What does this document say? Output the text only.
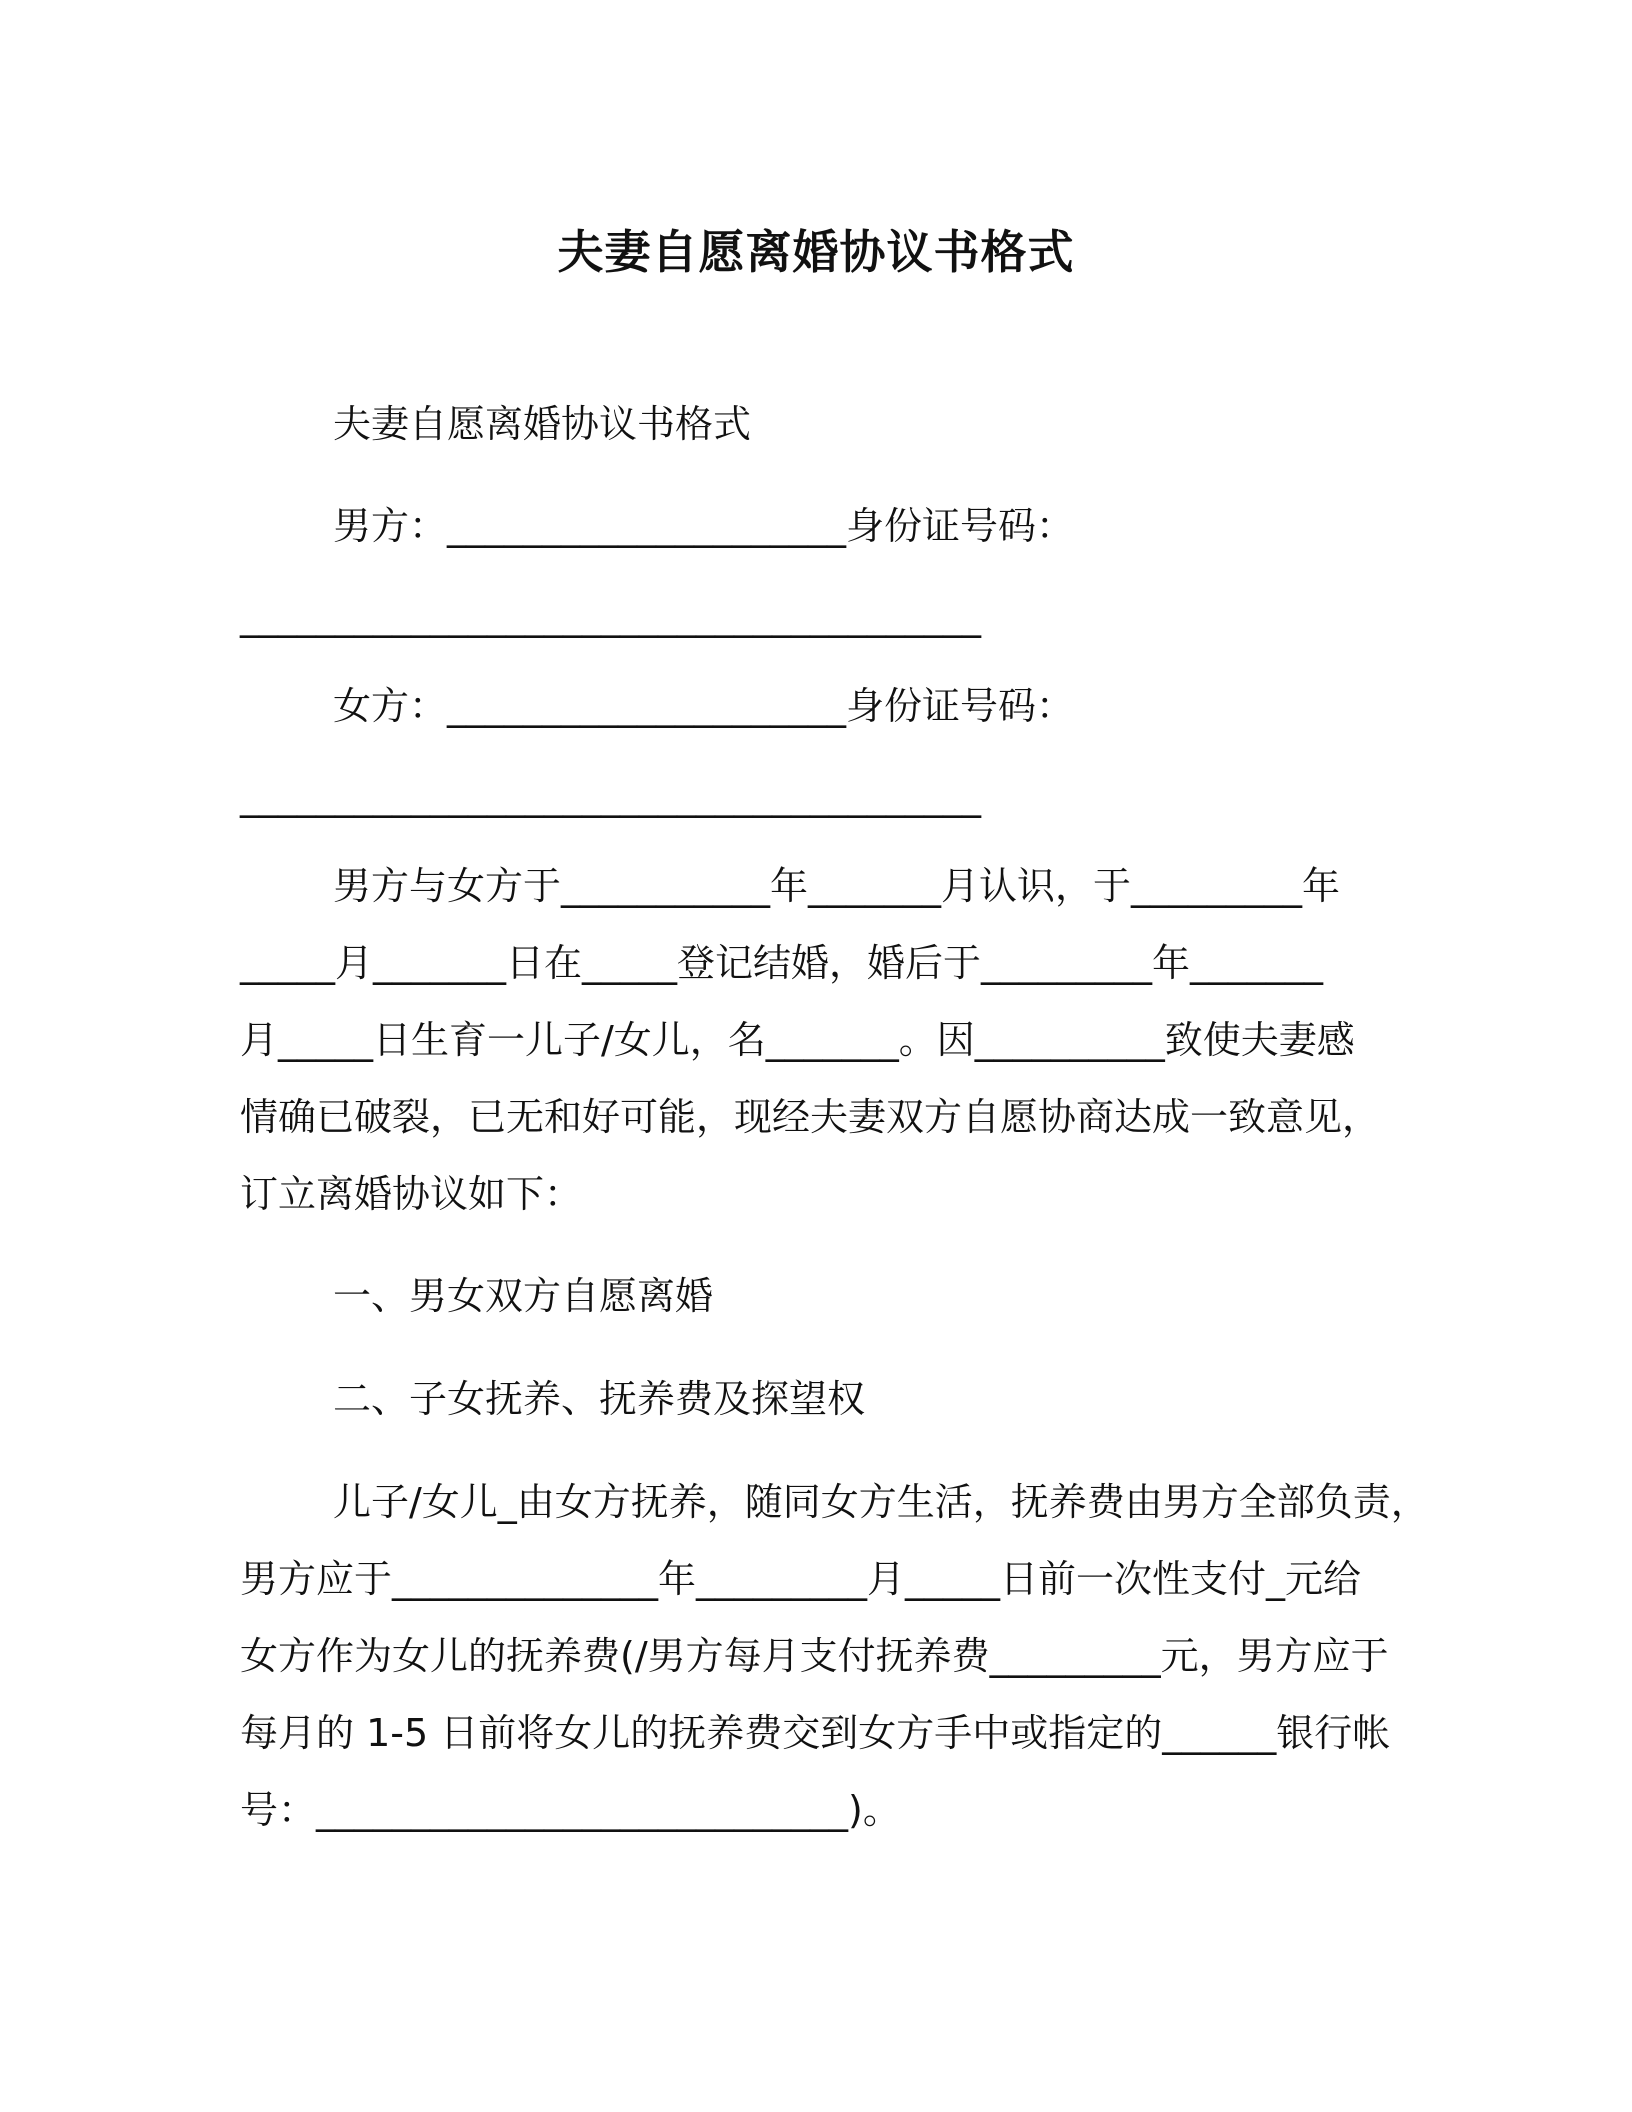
夫妻自愿离婚协议书格式

夫妻自愿离婚协议书格式

男方：_____________________身份证号码：

_______________________________________

女方：_____________________身份证号码：

_______________________________________

男方与女方于___________年_______月认识，于_________年

_____月_______日在_____登记结婚，婚后于_________年_______

月_____日生育一儿子/女儿，名_______。因__________致使夫妻感

情确已破裂，已无和好可能，现经夫妻双方自愿协商达成一致意见，

订立离婚协议如下：

一、男女双方自愿离婚

二、子女抚养、抚养费及探望权

儿子/女儿_由女方抚养，随同女方生活，抚养费由男方全部负责，

男方应于______________年_________月_____日前一次性支付_元给

女方作为女儿的抚养费(/男方每月支付抚养费_________元，男方应于

每月的 1-5 日前将女儿的抚养费交到女方手中或指定的______银行帐

号：____________________________)。
